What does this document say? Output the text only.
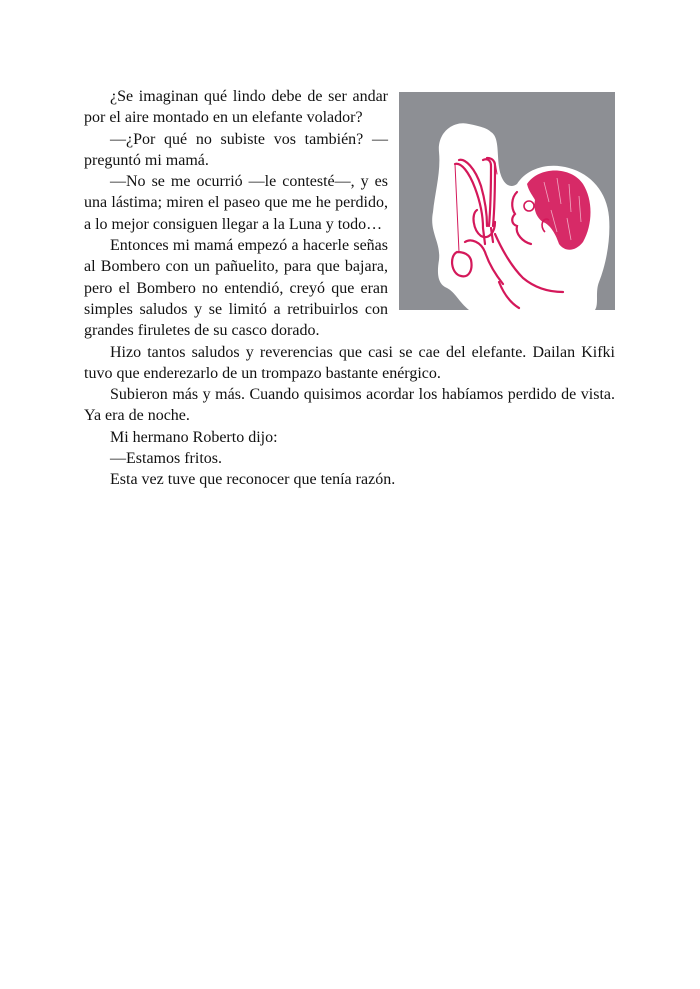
¿Se imaginan qué lindo debe de ser andar por el aire montado en un elefante volador?

—¿Por qué no subiste vos también? —preguntó mi mamá.

—No se me ocurrió —le contesté—, y es una lástima; miren el paseo que me he perdido, a lo mejor consiguen llegar a la Luna y todo…

Entonces mi mamá empezó a hacerle señas al Bombero con un pañuelito, para que bajara, pero el Bombero no entendió, creyó que eran simples saludos y se limitó a retribuirlos con grandes firuletes de su casco dorado.

Hizo tantos saludos y reverencias que casi se cae del elefante. Dailan Kifki tuvo que enderezarlo de un trompazo bastante enérgico.

Subieron más y más. Cuando quisimos acordar los habíamos perdido de vista. Ya era de noche.

Mi hermano Roberto dijo:

—Estamos fritos.

Esta vez tuve que reconocer que tenía razón.
